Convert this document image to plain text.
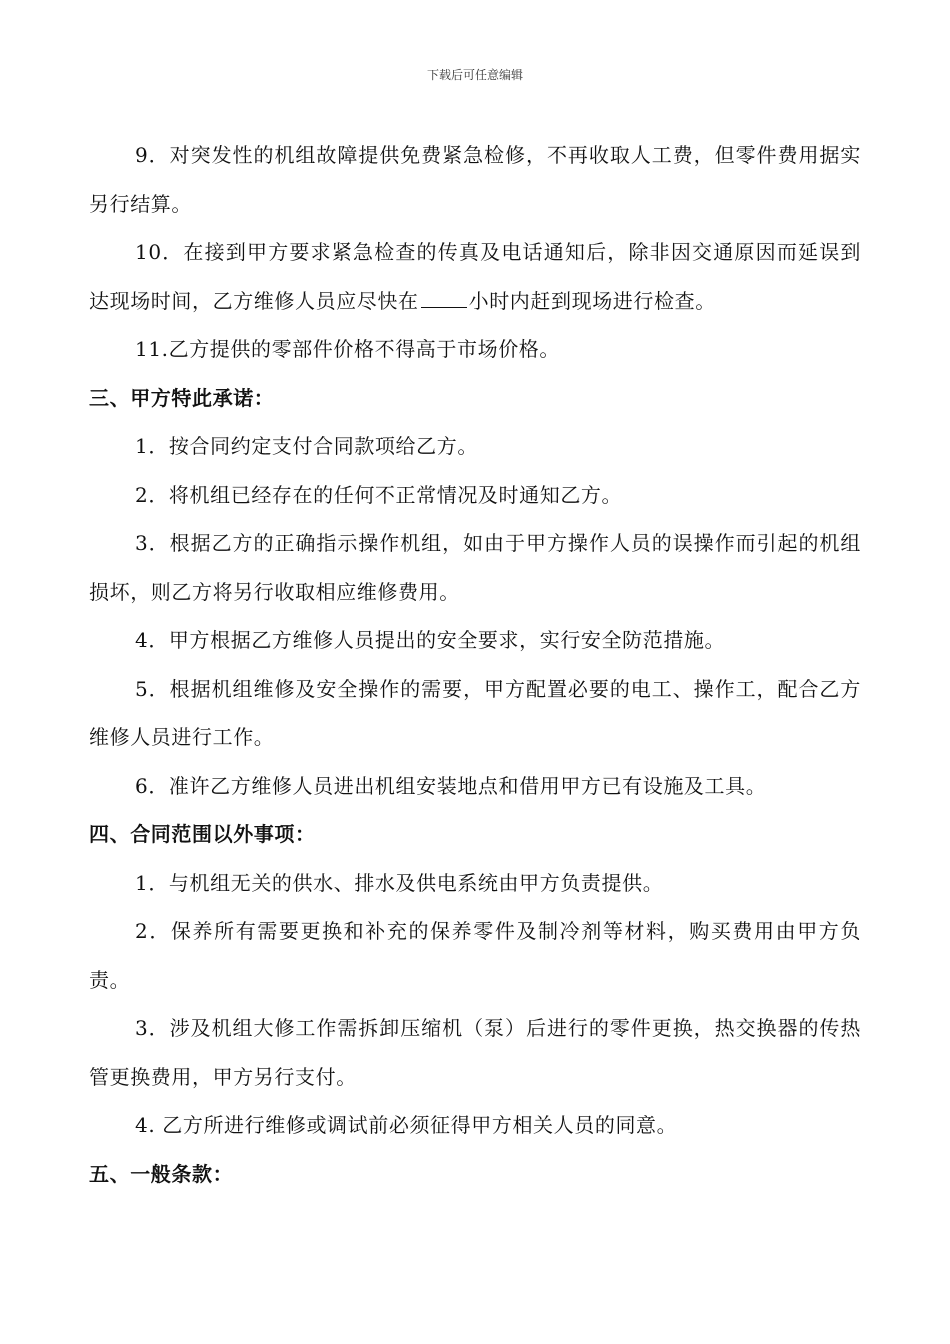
下载后可任意编辑

9．对突发性的机组故障提供免费紧急检修，不再收取人工费，但零件费用据实另行结算。

10．在接到甲方要求紧急检查的传真及电话通知后，除非因交通原因而延误到达现场时间，乙方维修人员应尽快在	小时内赶到现场进行检查。

11.乙方提供的零部件价格不得高于市场价格。

三、甲方特此承诺：

1．按合同约定支付合同款项给乙方。

2．将机组已经存在的任何不正常情况及时通知乙方。

3．根据乙方的正确指示操作机组，如由于甲方操作人员的误操作而引起的机组损坏，则乙方将另行收取相应维修费用。

4．甲方根据乙方维修人员提出的安全要求，实行安全防范措施。

5．根据机组维修及安全操作的需要，甲方配置必要的电工、操作工，配合乙方维修人员进行工作。

6．准许乙方维修人员进出机组安装地点和借用甲方已有设施及工具。

四、合同范围以外事项：

1．与机组无关的供水、排水及供电系统由甲方负责提供。

2．保养所有需要更换和补充的保养零件及制冷剂等材料，购买费用由甲方负责。

3．涉及机组大修工作需拆卸压缩机（泵）后进行的零件更换，热交换器的传热管更换费用，甲方另行支付。

4. 乙方所进行维修或调试前必须征得甲方相关人员的同意。

五、一般条款：
